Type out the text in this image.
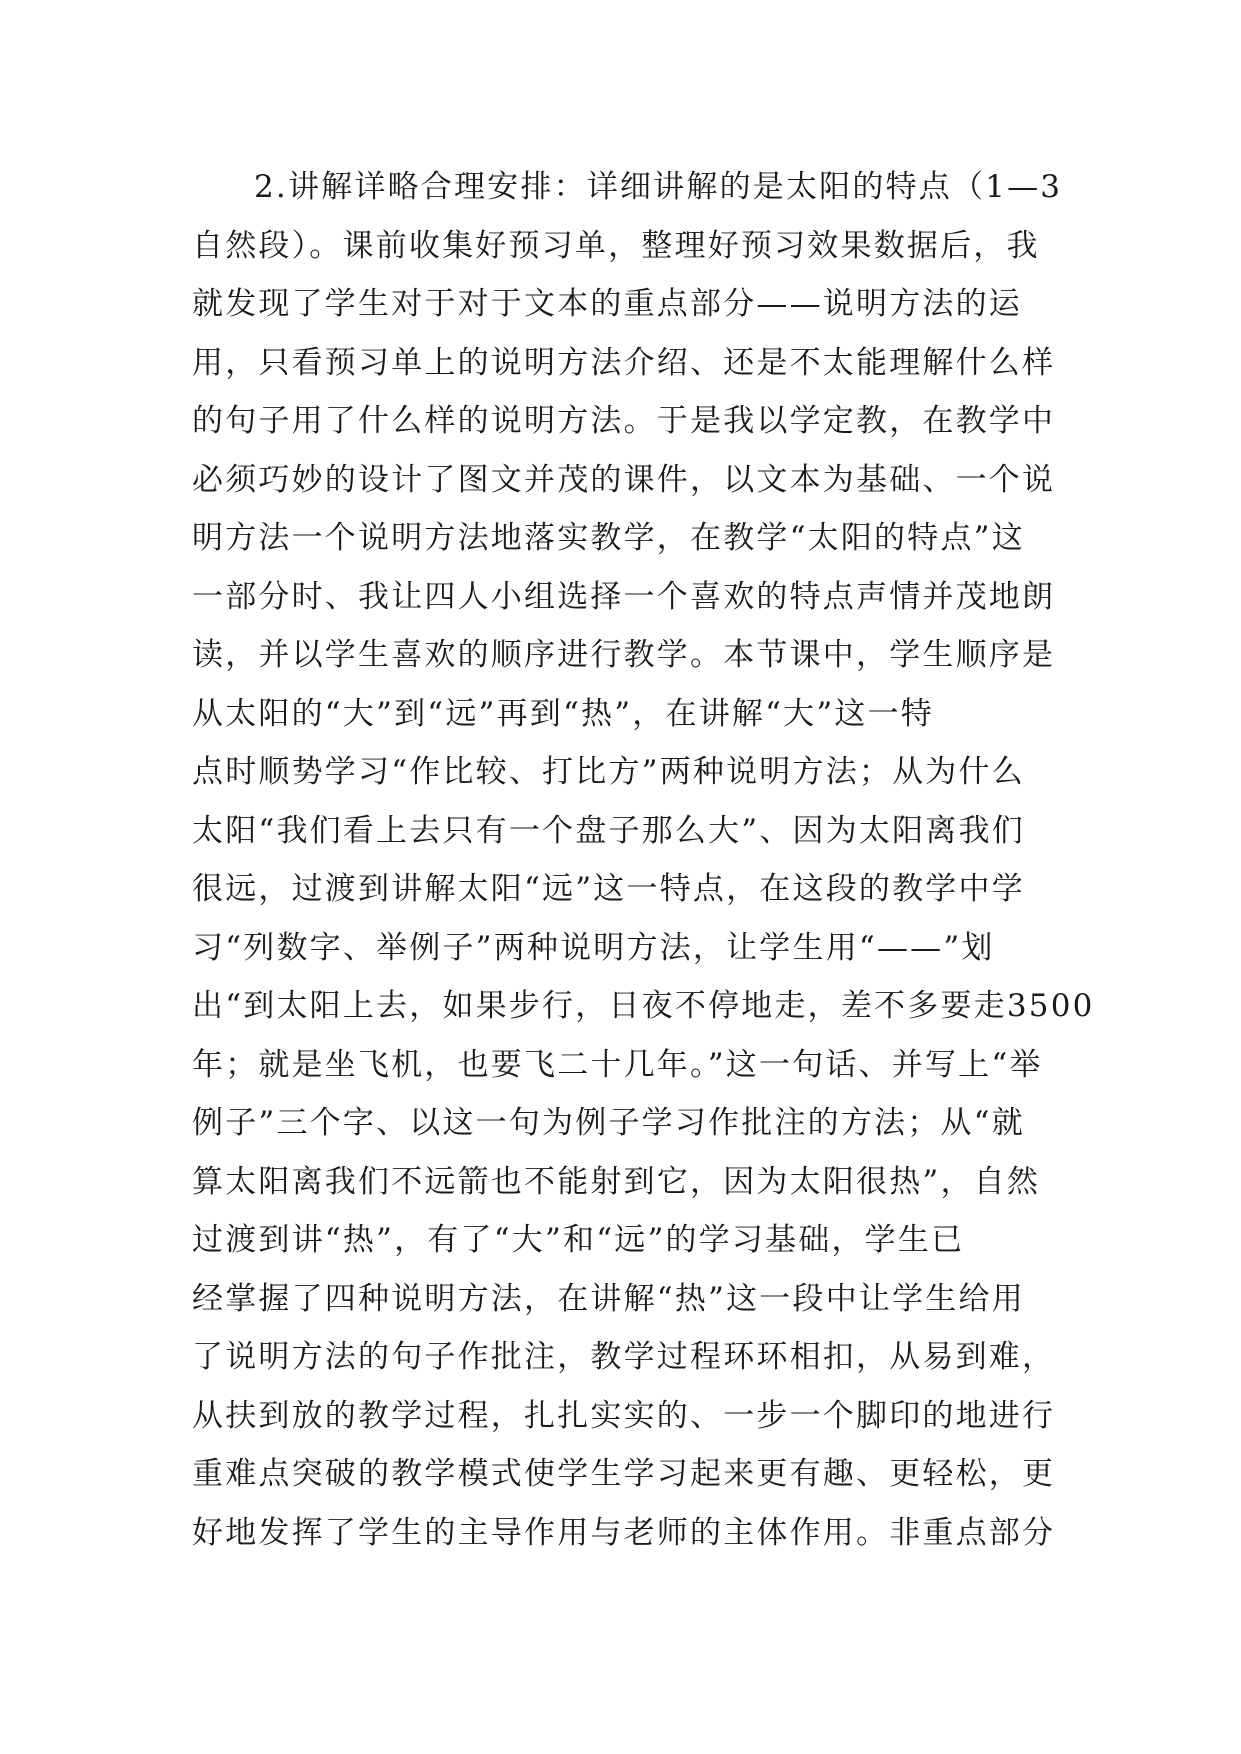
2.讲解详略合理安排：详细讲解的是太阳的特点（1—3
自然段）。课前收集好预习单，整理好预习效果数据后，我
就发现了学生对于对于文本的重点部分——说明方法的运
用，只看预习单上的说明方法介绍、还是不太能理解什么样
的句子用了什么样的说明方法。于是我以学定教，在教学中
必须巧妙的设计了图文并茂的课件，以文本为基础、一个说
明方法一个说明方法地落实教学，在教学“太阳的特点”这
一部分时、我让四人小组选择一个喜欢的特点声情并茂地朗
读，并以学生喜欢的顺序进行教学。本节课中，学生顺序是
从太阳的“大”到“远”再到“热”，在讲解“大”这一特
点时顺势学习“作比较、打比方”两种说明方法；从为什么
太阳“我们看上去只有一个盘子那么大”、因为太阳离我们
很远，过渡到讲解太阳“远”这一特点，在这段的教学中学
习“列数字、举例子”两种说明方法，让学生用“——”划
出“到太阳上去，如果步行，日夜不停地走，差不多要走3500
年；就是坐飞机，也要飞二十几年。”这一句话、并写上“举
例子”三个字、以这一句为例子学习作批注的方法；从“就
算太阳离我们不远箭也不能射到它，因为太阳很热”，自然
过渡到讲“热”，有了“大”和“远”的学习基础，学生已
经掌握了四种说明方法，在讲解“热”这一段中让学生给用
了说明方法的句子作批注，教学过程环环相扣，从易到难，
从扶到放的教学过程，扎扎实实的、一步一个脚印的地进行
重难点突破的教学模式使学生学习起来更有趣、更轻松，更
好地发挥了学生的主导作用与老师的主体作用。非重点部分
